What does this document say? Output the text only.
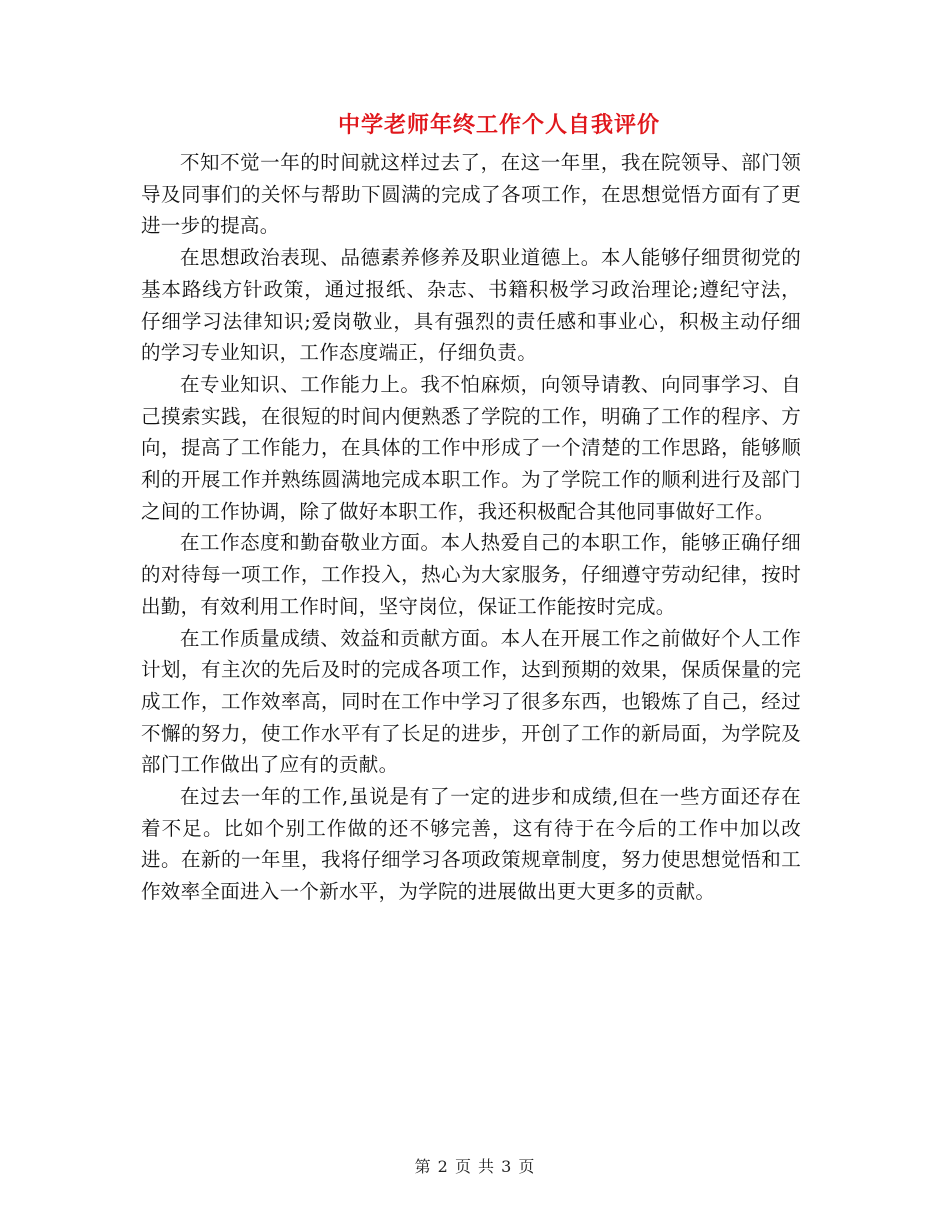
中学老师年终工作个人自我评价

不知不觉一年的时间就这样过去了，在这一年里，我在院领导、部门领导及同事们的关怀与帮助下圆满的完成了各项工作，在思想觉悟方面有了更进一步的提高。

在思想政治表现、品德素养修养及职业道德上。本人能够仔细贯彻党的基本路线方针政策，通过报纸、杂志、书籍积极学习政治理论;遵纪守法，仔细学习法律知识;爱岗敬业，具有强烈的责任感和事业心，积极主动仔细的学习专业知识，工作态度端正，仔细负责。

在专业知识、工作能力上。我不怕麻烦，向领导请教、向同事学习、自己摸索实践，在很短的时间内便熟悉了学院的工作，明确了工作的程序、方向，提高了工作能力，在具体的工作中形成了一个清楚的工作思路，能够顺利的开展工作并熟练圆满地完成本职工作。为了学院工作的顺利进行及部门之间的工作协调，除了做好本职工作，我还积极配合其他同事做好工作。

在工作态度和勤奋敬业方面。本人热爱自己的本职工作，能够正确仔细的对待每一项工作，工作投入，热心为大家服务，仔细遵守劳动纪律，按时出勤，有效利用工作时间，坚守岗位，保证工作能按时完成。

在工作质量成绩、效益和贡献方面。本人在开展工作之前做好个人工作计划，有主次的先后及时的完成各项工作，达到预期的效果，保质保量的完成工作，工作效率高，同时在工作中学习了很多东西，也锻炼了自己，经过不懈的努力，使工作水平有了长足的进步，开创了工作的新局面，为学院及部门工作做出了应有的贡献。

在过去一年的工作,虽说是有了一定的进步和成绩,但在一些方面还存在着不足。比如个别工作做的还不够完善，这有待于在今后的工作中加以改进。在新的一年里，我将仔细学习各项政策规章制度，努力使思想觉悟和工作效率全面进入一个新水平，为学院的进展做出更大更多的贡献。

第 2 页 共 3 页
